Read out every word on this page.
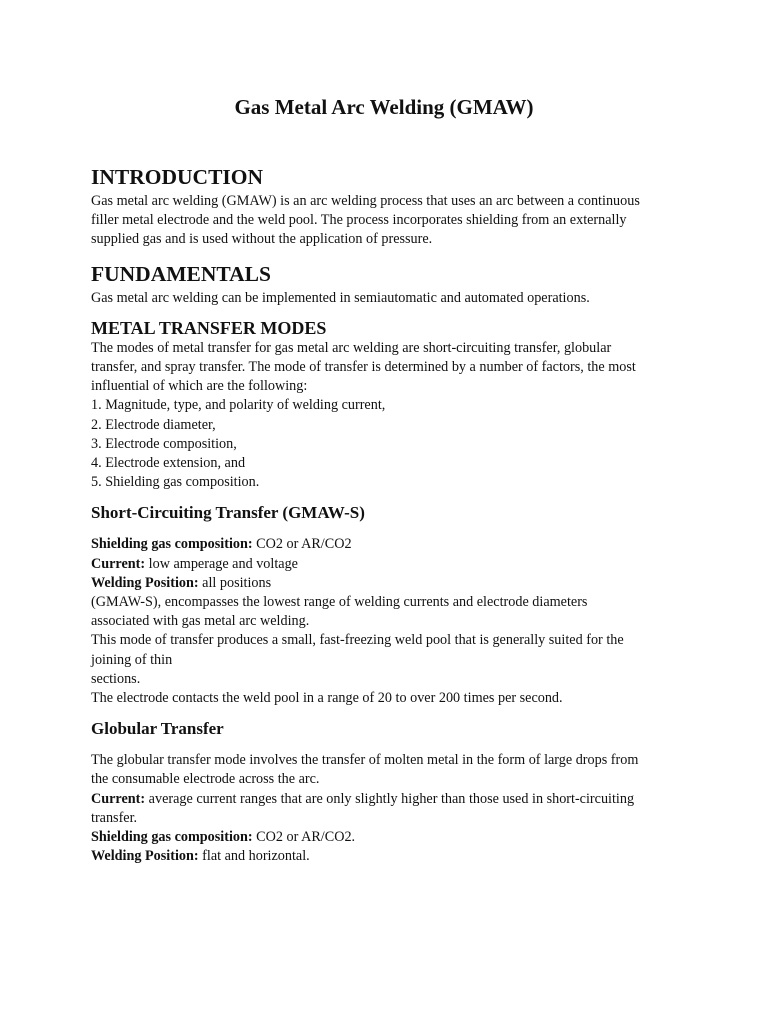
Gas Metal Arc Welding (GMAW)
INTRODUCTION

Gas metal arc welding (GMAW) is an arc welding process that uses an arc between a continuous

filler metal electrode and the weld pool. The process incorporates shielding from an externally

supplied gas and is used without the application of pressure.

FUNDAMENTALS

Gas metal arc welding can be implemented in semiautomatic and automated operations.

METAL TRANSFER MODES

The modes of metal transfer for gas metal arc welding are short-circuiting transfer, globular

transfer, and spray transfer. The mode of transfer is determined by a number of factors, the most

influential of which are the following:

1. Magnitude, type, and polarity of welding current,

2. Electrode diameter,

3. Electrode composition,

4. Electrode extension, and

5. Shielding gas composition.

Short-Circuiting Transfer (GMAW-S)

Shielding gas composition: CO2 or AR/CO2

Current: low amperage and voltage

Welding Position: all positions

(GMAW-S), encompasses the lowest range of welding currents and electrode diameters

associated with gas metal arc welding.

This mode of transfer produces a small, fast-freezing weld pool that is generally suited for the

joining of thin

sections.

The electrode contacts the weld pool in a range of 20 to over 200 times per second.

Globular Transfer

The globular transfer mode involves the transfer of molten metal in the form of large drops from

the consumable electrode across the arc.

Current: average current ranges that are only slightly higher than those used in short-circuiting

transfer.

Shielding gas composition: CO2 or AR/CO2.

Welding Position: flat and horizontal.
